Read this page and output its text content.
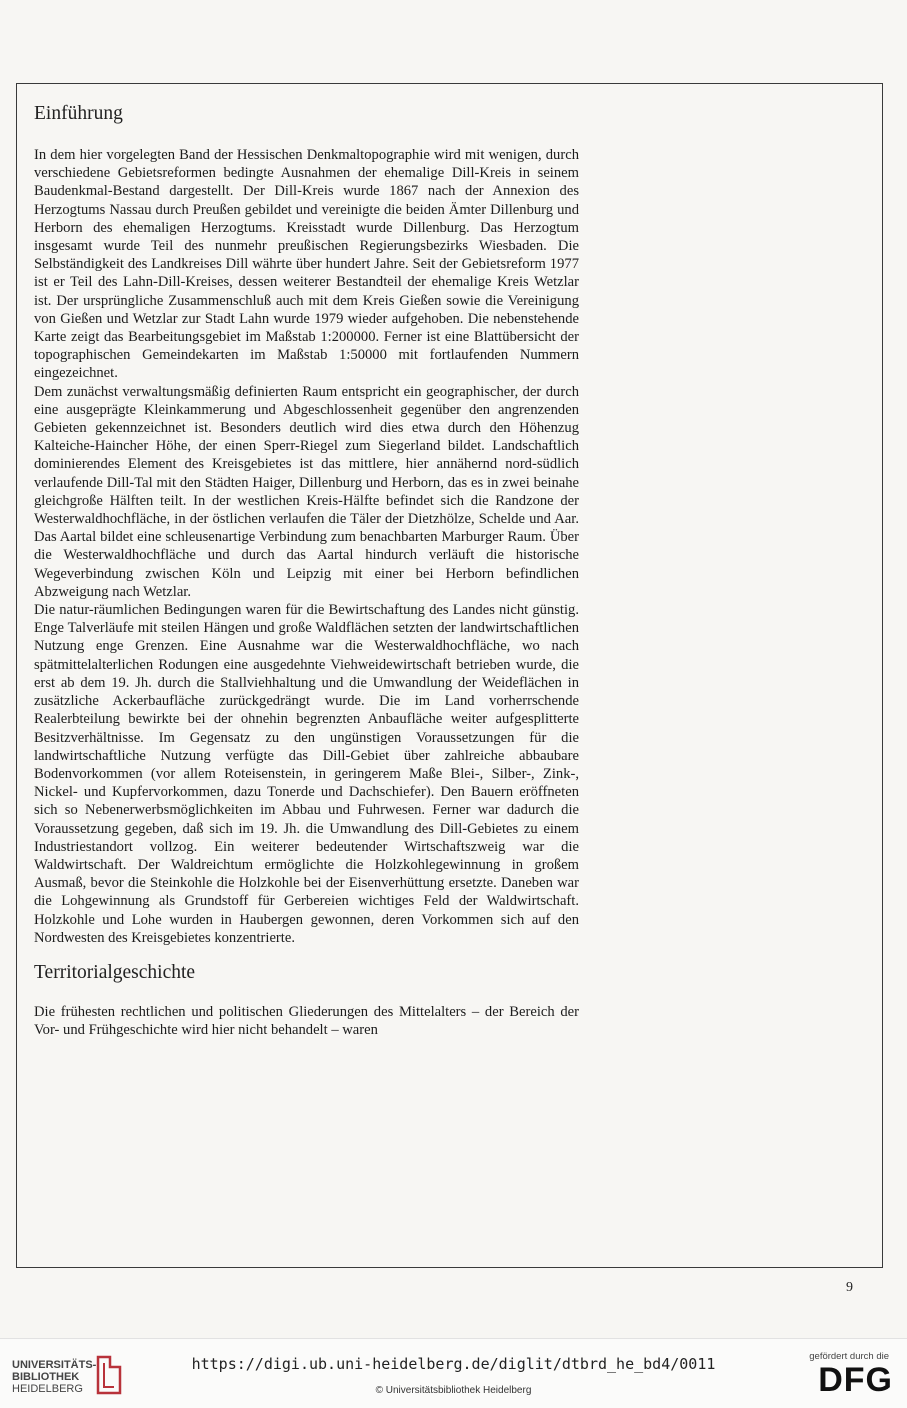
Einführung

In dem hier vorgelegten Band der Hessischen Denkmaltopographie wird mit wenigen, durch verschiedene Gebietsreformen bedingte Ausnahmen der ehemalige Dill-Kreis in seinem Baudenkmal-Bestand dargestellt. Der Dill-Kreis wurde 1867 nach der Annexion des Herzogtums Nassau durch Preußen gebildet und vereinigte die beiden Ämter Dillenburg und Herborn des ehemaligen Herzogtums. Kreisstadt wurde Dillenburg. Das Herzogtum insgesamt wurde Teil des nunmehr preußischen Regierungsbezirks Wiesbaden. Die Selbständigkeit des Landkreises Dill währte über hundert Jahre. Seit der Gebietsreform 1977 ist er Teil des Lahn-Dill-Kreises, dessen weiterer Bestandteil der ehemalige Kreis Wetzlar ist. Der ursprüngliche Zusammenschluß auch mit dem Kreis Gießen sowie die Vereinigung von Gießen und Wetzlar zur Stadt Lahn wurde 1979 wieder aufgehoben. Die nebenstehende Karte zeigt das Bearbeitungsgebiet im Maßstab 1:200000. Ferner ist eine Blattübersicht der topographischen Gemeindekarten im Maßstab 1:50000 mit fortlaufenden Nummern eingezeichnet.

Dem zunächst verwaltungsmäßig definierten Raum entspricht ein geographischer, der durch eine ausgeprägte Kleinkammerung und Abgeschlossenheit gegenüber den angrenzenden Gebieten gekennzeichnet ist. Besonders deutlich wird dies etwa durch den Höhenzug Kalteiche-Haincher Höhe, der einen Sperr-Riegel zum Siegerland bildet. Landschaftlich dominierendes Element des Kreisgebietes ist das mittlere, hier annähernd nord-südlich verlaufende Dill-Tal mit den Städten Haiger, Dillenburg und Herborn, das es in zwei beinahe gleichgroße Hälften teilt. In der westlichen Kreis-Hälfte befindet sich die Randzone der Westerwaldhochfläche, in der östlichen verlaufen die Täler der Dietzhölze, Schelde und Aar. Das Aartal bildet eine schleusenartige Verbindung zum benachbarten Marburger Raum. Über die Westerwaldhochfläche und durch das Aartal hindurch verläuft die historische Wegeverbindung zwischen Köln und Leipzig mit einer bei Herborn befindlichen Abzweigung nach Wetzlar.

Die natur-räumlichen Bedingungen waren für die Bewirtschaftung des Landes nicht günstig. Enge Talverläufe mit steilen Hängen und große Waldflächen setzten der landwirtschaftlichen Nutzung enge Grenzen. Eine Ausnahme war die Westerwaldhochfläche, wo nach spätmittelalterlichen Rodungen eine ausgedehnte Viehweidewirtschaft betrieben wurde, die erst ab dem 19. Jh. durch die Stallviehhaltung und die Umwandlung der Weideflächen in zusätzliche Ackerbaufläche zurückgedrängt wurde. Die im Land vorherrschende Realerbteilung bewirkte bei der ohnehin begrenzten Anbaufläche weiter aufgesplitterte Besitzverhältnisse. Im Gegensatz zu den ungünstigen Voraussetzungen für die landwirtschaftliche Nutzung verfügte das Dill-Gebiet über zahlreiche abbaubare Bodenvorkommen (vor allem Roteisenstein, in geringerem Maße Blei-, Silber-, Zink-, Nickel- und Kupfervorkommen, dazu Tonerde und Dachschiefer). Den Bauern eröffneten sich so Nebenerwerbsmöglichkeiten im Abbau und Fuhrwesen. Ferner war dadurch die Voraussetzung gegeben, daß sich im 19. Jh. die Umwandlung des Dill-Gebietes zu einem Industriestandort vollzog. Ein weiterer bedeutender Wirtschaftszweig war die Waldwirtschaft. Der Waldreichtum ermöglichte die Holzkohlegewinnung in großem Ausmaß, bevor die Steinkohle die Holzkohle bei der Eisenverhüttung ersetzte. Daneben war die Lohgewinnung als Grundstoff für Gerbereien wichtiges Feld der Waldwirtschaft. Holzkohle und Lohe wurden in Haubergen gewonnen, deren Vorkommen sich auf den Nordwesten des Kreisgebietes konzentrierte.

Territorialgeschichte

Die frühesten rechtlichen und politischen Gliederungen des Mittelalters – der Bereich der Vor- und Frühgeschichte wird hier nicht behandelt – waren

9
UNIVERSITÄTS-
BIBLIOTHEK
HEIDELBERG
https://digi.ub.uni-heidelberg.de/diglit/dtbrd_he_bd4/0011
© Universitätsbibliothek Heidelberg
gefördert durch die
DFG
